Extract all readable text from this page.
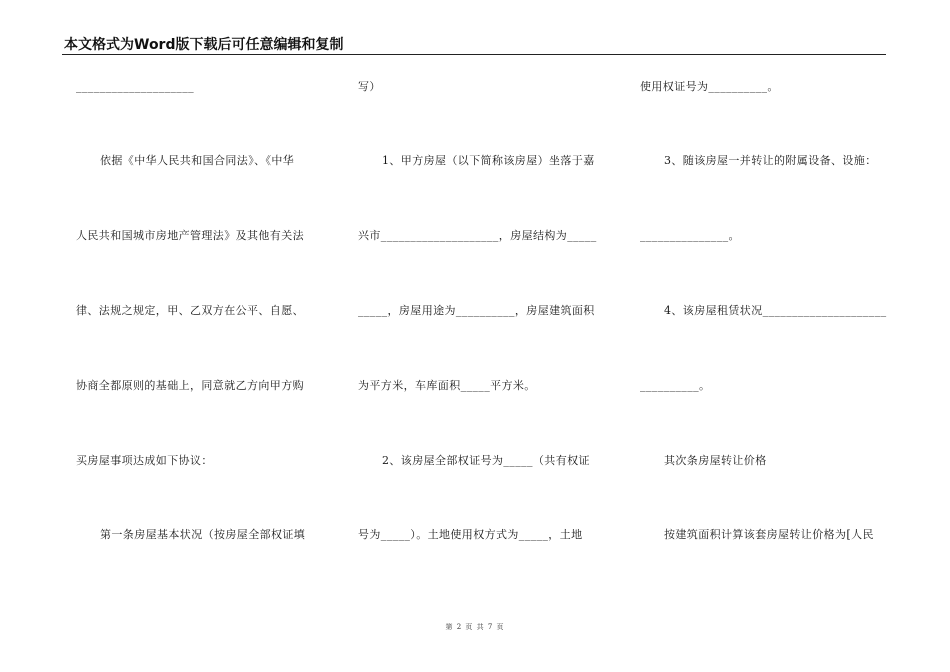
本文格式为Word版下载后可任意编辑和复制
____________________
依据《中华人民共和国合同法》、《中华
人民共和国城市房地产管理法》及其他有关法
律、法规之规定，甲、乙双方在公平、自愿、
协商全都原则的基础上，同意就乙方向甲方购
买房屋事项达成如下协议：
第一条房屋基本状况（按房屋全部权证填
写）
1、甲方房屋（以下简称该房屋）坐落于嘉
兴市____________________，房屋结构为_____
_____，房屋用途为__________，房屋建筑面积
为平方米，车库面积_____平方米。
2、该房屋全部权证号为_____（共有权证
号为_____）。土地使用权方式为_____，土地
使用权证号为__________。
3、随该房屋一并转让的附属设备、设施：
_______________。
4、该房屋租赁状况_____________________
__________。
其次条房屋转让价格
按建筑面积计算该套房屋转让价格为[人民
第 2 页 共 7 页
